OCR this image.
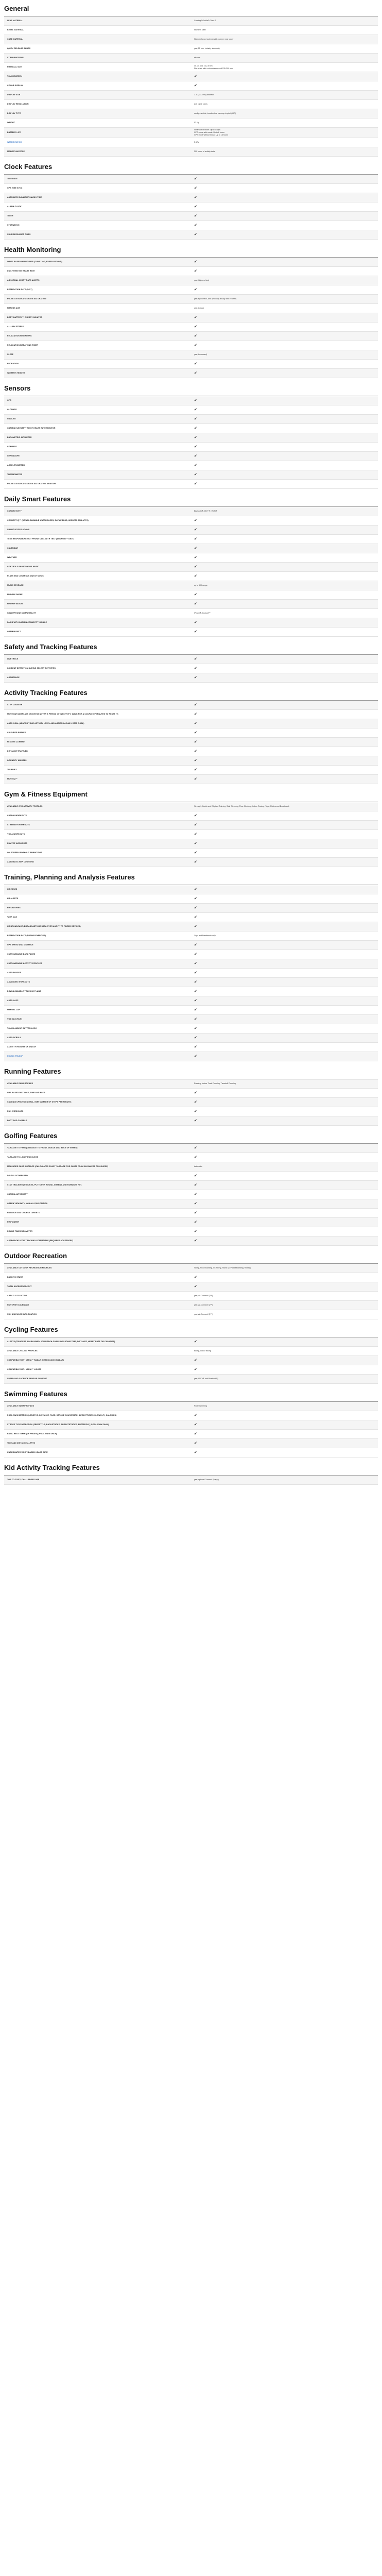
General
LENS MATERIAL	Corning® Gorilla® Glass 3

BEZEL MATERIAL	stainless steel

CASE MATERIAL	fiber-reinforced polymer with polymer rear cover

QUICK RELEASE BANDS	yes (22 mm, industry standard)

STRAP MATERIAL	silicone

PHYSICAL SIZE	45.1 x 45.1 x 12.8 mm
Fits wrists with a circumference of 135-200 mm

TOUCHSCREEN	✔
COLOR DISPLAY	✔
DISPLAY SIZE	1.3" (33.0 mm) diameter

DISPLAY RESOLUTION	240 x 240 pixels

DISPLAY TYPE	sunlight-visible, transflective memory-in-pixel (MIP)

WEIGHT	52.1 g

BATTERY LIFE	Smartwatch mode: Up to 9 days
GPS mode with music: Up to 6 hours
GPS mode without music: Up to 16 hours

WATER RATING	5 ATM

MEMORY/HISTORY	200 hours of activity data
Clock Features
TIME/DATE	✔
GPS TIME SYNC	✔
AUTOMATIC DAYLIGHT SAVING TIME	✔
ALARM CLOCK	✔
TIMER	✔
STOPWATCH	✔
SUNRISE/SUNSET TIMES	✔
Health Monitoring
WRIST-BASED HEART RATE (CONSTANT, EVERY SECOND)	✔
DAILY RESTING HEART RATE	✔
ABNORMAL HEART RATE ALERTS	yes (high and low)

RESPIRATION RATE (24X7)	✔
PULSE OX BLOOD OXYGEN SATURATION	yes (spot check, and optionally all-day and in sleep)

FITNESS AGE	yes (in app)

BODY BATTERY™ ENERGY MONITOR	✔
ALL-DAY STRESS	✔
RELAXATION REMINDERS	✔
RELAXATION BREATHING TIMER	✔
SLEEP	yes (Advanced)

HYDRATION	✔
WOMEN'S HEALTH	✔
Sensors
GPS	✔
GLONASS	✔
GALILEO	✔
GARMIN ELEVATE™ WRIST HEART RATE MONITOR	✔
BAROMETRIC ALTIMETER	✔
COMPASS	✔
GYROSCOPE	✔
ACCELEROMETER	✔
THERMOMETER	✔
PULSE OX BLOOD OXYGEN SATURATION MONITOR	✔
Daily Smart Features
CONNECTIVITY	Bluetooth®, ANT+®, Wi-Fi®

CONNECT IQ™ (DOWNLOADABLE WATCH FACES, DATA FIELDS, WIDGETS AND APPS)	✔
SMART NOTIFICATIONS	✔
TEXT RESPONSE/REJECT PHONE CALL WITH TEXT (ANDROID™ ONLY)	✔
CALENDAR	✔
WEATHER	✔
CONTROLS SMARTPHONE MUSIC	✔
PLAYS AND CONTROLS WATCH MUSIC	✔
MUSIC STORAGE	up to 500 songs

FIND MY PHONE	✔
FIND MY WATCH	✔
SMARTPHONE COMPATIBILITY	iPhone®, Android™

PAIRS WITH GARMIN CONNECT™ MOBILE	✔
GARMIN PAY™	✔
Safety and Tracking Features
LIVETRACK	✔
INCIDENT DETECTION DURING SELECT ACTIVITIES	✔
ASSISTANCE	✔
Activity Tracking Features
STEP COUNTER	✔
MOVE BAR (DISPLAYS ON DEVICE AFTER A PERIOD OF INACTIVITY; WALK FOR A COUPLE OF MINUTES TO RESET IT)	✔
AUTO GOAL (LEARNS YOUR ACTIVITY LEVEL AND ASSIGNS A DAILY STEP GOAL)	✔
CALORIES BURNED	✔
FLOORS CLIMBED	✔
DISTANCE TRAVELED	✔
INTENSITY MINUTES	✔
TRUEUP™	✔
MOVE IQ™	✔
Gym & Fitness Equipment
AVAILABLE GYM ACTIVITY PROFILES	Strength, Cardio and Elliptical Training, Stair Stepping, Floor Climbing, Indoor Rowing, Yoga, Pilates and Breathwork

CARDIO WORKOUTS	✔
STRENGTH WORKOUTS	✔
YOGA WORKOUTS	✔
PILATES WORKOUTS	✔
ON-SCREEN WORKOUT ANIMATIONS	✔
AUTOMATIC REP COUNTING	✔
Training, Planning and Analysis Features
HR ZONES	✔
HR ALERTS	✔
HR CALORIES	✔
% HR MAX	✔
HR BROADCAST (BROADCASTS HR DATA OVER ANT+™ TO PAIRED DEVICES)	✔
RESPIRATION RATE (DURING EXERCISE)	Yoga and Breathwork only

GPS SPEED AND DISTANCE	✔
CUSTOMIZABLE DATA PAGES	✔
CUSTOMIZABLE ACTIVITY PROFILES	✔
AUTO PAUSE®	✔
ADVANCED WORKOUTS	✔
DOWNLOADABLE TRAINING PLANS	✔
AUTO LAP®	✔
MANUAL LAP	✔
VO2 MAX (RUN)	✔
TOUCH AND/OR BUTTON LOCK	✔
AUTO SCROLL	✔
ACTIVITY HISTORY ON WATCH	✔
PHYSIO TRUEUP	✔
Running Features
AVAILABLE RUN PROFILES	Running, Indoor Track Running, Treadmill Running

GPS-BASED DISTANCE, TIME AND PACE	✔
CADENCE (PROVIDES REAL-TIME NUMBER OF STEPS PER MINUTE)	✔
RUN WORKOUTS	✔
FOOT POD CAPABLE	✔
Golfing Features
YARDAGE TO F/M/B (DISTANCE TO FRONT, MIDDLE AND BACK OF GREEN)	✔
YARDAGE TO LAYUPS/DOGLEGS	✔
MEASURES SHOT DISTANCE (CALCULATES EXACT YARDAGE FOR SHOTS FROM ANYWHERE ON COURSE)	Automatic

DIGITAL SCORECARD	✔
STAT TRACKING (STROKES, PUTTS PER ROUND, GREENS AND FAIRWAYS HIT)	✔
GARMIN AUTOSHOT™	✔
GREEN VIEW WITH MANUAL PIN POSITION	✔
HAZARDS AND COURSE TARGETS	✔
PINPOINTER	✔
ROUND TIMER/ODOMETER	✔
APPROACH® CT10 TRACKING COMPATIBLE (REQUIRES ACCESSORY)	✔
Outdoor Recreation
AVAILABLE OUTDOOR RECREATION PROFILES	Skiing, Snowboarding, XC Skiing, Stand Up Paddleboarding, Rowing

BACK TO START	✔
TOTAL ASCENT/DESCENT	✔
AREA CALCULATION	yes (via Connect IQ™)

HUNT/FISH CALENDAR	yes (via Connect IQ™)

SUN AND MOON INFORMATION	yes (via Connect IQ™)
Cycling Features
ALERTS (TRIGGERS ALARM WHEN YOU REACH GOALS INCLUDING TIME, DISTANCE, HEART RATE OR CALORIES)	✔
AVAILABLE CYCLING PROFILES	Biking, Indoor Biking

COMPATIBLE WITH VARIA™ RADAR (REAR-FACING RADAR)	✔
COMPATIBLE WITH VARIA™ LIGHTS	✔
SPEED AND CADENCE SENSOR SUPPORT	yes (ANT+® and Bluetooth®)
Swimming Features
AVAILABLE SWIM PROFILES	Pool Swimming

POOL SWIM METRICS (LENGTHS, DISTANCE, PACE, STROKE COUNT/RATE, SWIM EFFICIENCY (SWOLF), CALORIES)	✔
STROKE TYPE DETECTION (FREESTYLE, BACKSTROKE, BREASTSTROKE, BUTTERFLY) (POOL SWIM ONLY)	✔
BASIC REST TIMER (UP FROM 0) (POOL SWIM ONLY)	✔
TIME AND DISTANCE ALERTS	✔
UNDERWATER WRIST-BASED HEART RATE	✔
Kid Activity Tracking Features
TOE-TO-TOE™ CHALLENGES APP	yes (optional Connect IQ app)
